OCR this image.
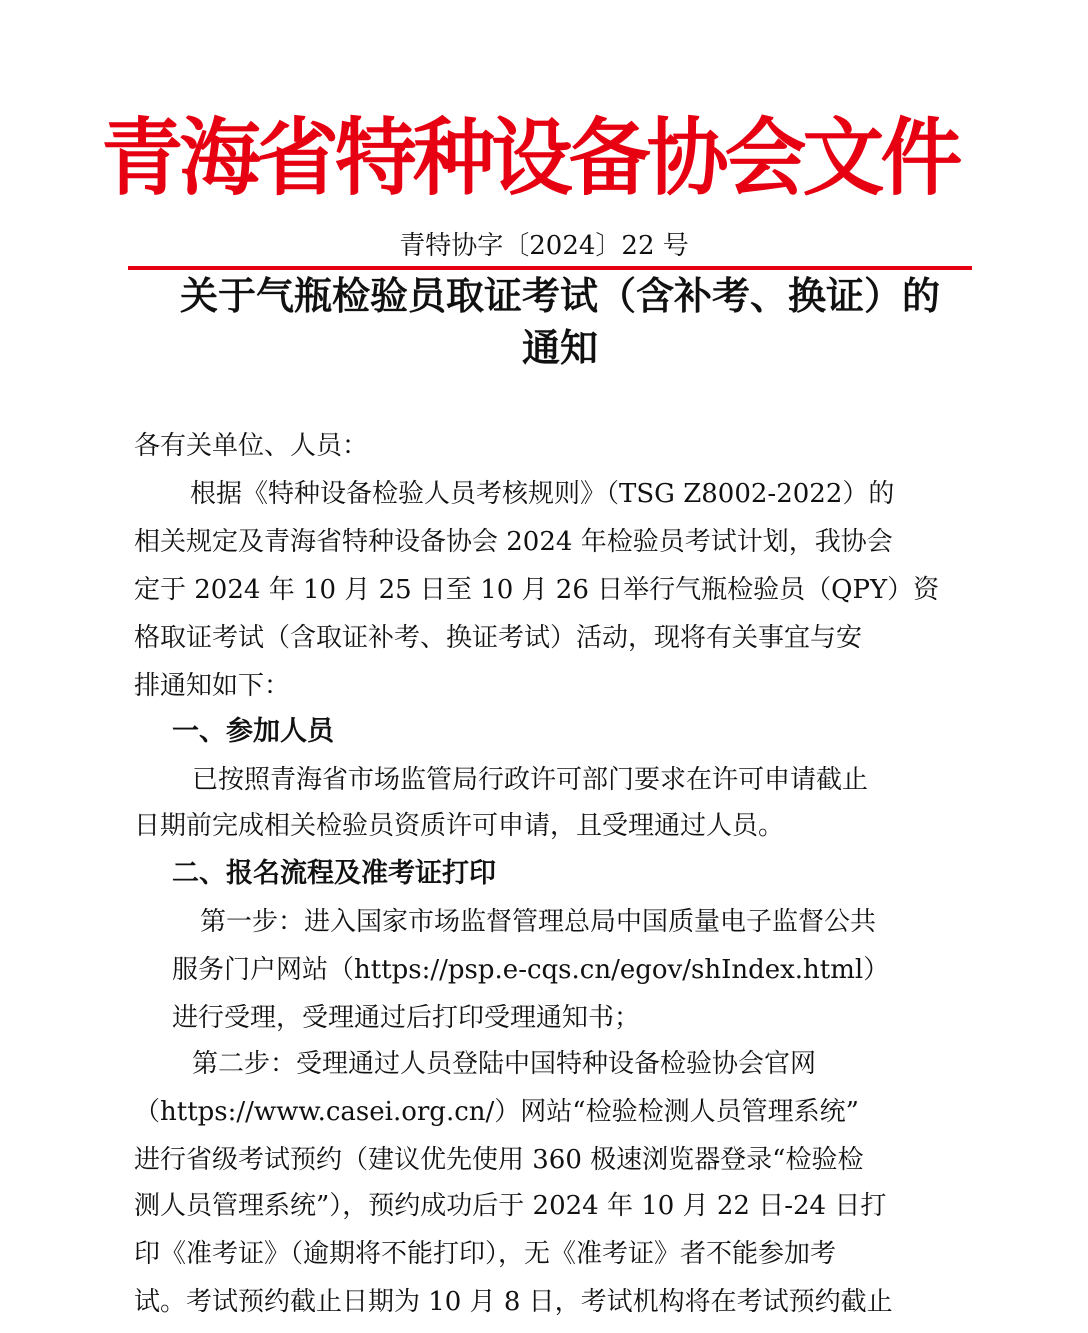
青海省特种设备协会文件
青特协字〔2024〕22 号
关于气瓶检验员取证考试（含补考、换证）的
通知
各有关单位、人员：
根据《特种设备检验人员考核规则》（TSG Z8002-2022）的
相关规定及青海省特种设备协会 2024 年检验员考试计划，我协会
定于 2024 年 10 月 25 日至 10 月 26 日举行气瓶检验员（QPY）资
格取证考试（含取证补考、换证考试）活动，现将有关事宜与安
排通知如下：
一、参加人员
已按照青海省市场监管局行政许可部门要求在许可申请截止
日期前完成相关检验员资质许可申请，且受理通过人员。
二、报名流程及准考证打印
第一步：进入国家市场监督管理总局中国质量电子监督公共
服务门户网站（https://psp.e-cqs.cn/egov/shIndex.html）
进行受理，受理通过后打印受理通知书；
第二步：受理通过人员登陆中国特种设备检验协会官网
（https://www.casei.org.cn/）网站“检验检测人员管理系统”
进行省级考试预约（建议优先使用 360 极速浏览器登录“检验检
测人员管理系统”），预约成功后于 2024 年 10 月 22 日-24 日打
印《准考证》（逾期将不能打印），无《准考证》者不能参加考
试。考试预约截止日期为 10 月 8 日，考试机构将在考试预约截止
